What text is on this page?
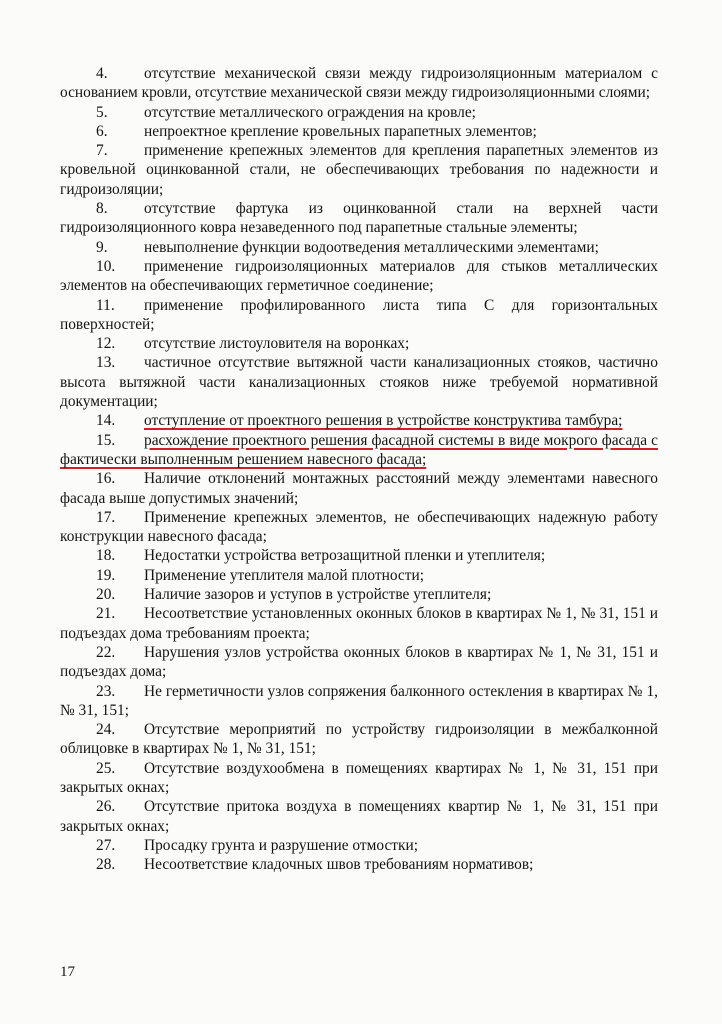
4. отсутствие механической связи между гидроизоляционным материалом с основанием кровли, отсутствие механической связи между гидроизоляционными слоями;
5. отсутствие металлического ограждения на кровле;
6. непроектное крепление кровельных парапетных элементов;
7. применение крепежных элементов для крепления парапетных элементов из кровельной оцинкованной стали, не обеспечивающих требования по надежности и гидроизоляции;
8. отсутствие фартука из оцинкованной стали на верхней части гидроизоляционного ковра незаведенного под парапетные стальные элементы;
9. невыполнение функции водоотведения металлическими элементами;
10. применение гидроизоляционных материалов для стыков металлических элементов на обеспечивающих герметичное соединение;
11. применение профилированного листа типа С для горизонтальных поверхностей;
12. отсутствие листоуловителя на воронках;
13. частичное отсутствие вытяжной части канализационных стояков, частично высота вытяжной части канализационных стояков ниже требуемой нормативной документации;
14. отступление от проектного решения в устройстве конструктива тамбура;
15. расхождение проектного решения фасадной системы в виде мокрого фасада с фактически выполненным решением навесного фасада;
16. Наличие отклонений монтажных расстояний между элементами навесного фасада выше допустимых значений;
17. Применение крепежных элементов, не обеспечивающих надежную работу конструкции навесного фасада;
18. Недостатки устройства ветрозащитной пленки и утеплителя;
19. Применение утеплителя малой плотности;
20. Наличие зазоров и уступов в устройстве утеплителя;
21. Несоответствие установленных оконных блоков в квартирах № 1, № 31, 151 и подъездах дома требованиям проекта;
22. Нарушения узлов устройства оконных блоков в квартирах № 1, № 31, 151 и подъездах дома;
23. Не герметичности узлов сопряжения балконного остекления в квартирах № 1, № 31, 151;
24. Отсутствие мероприятий по устройству гидроизоляции в межбалконной облицовке в квартирах № 1, № 31, 151;
25. Отсутствие воздухообмена в помещениях квартирах № 1, № 31, 151 при закрытых окнах;
26. Отсутствие притока воздуха в помещениях квартир № 1, № 31, 151 при закрытых окнах;
27. Просадку грунта и разрушение отмостки;
28. Несоответствие кладочных швов требованиям нормативов;
17
